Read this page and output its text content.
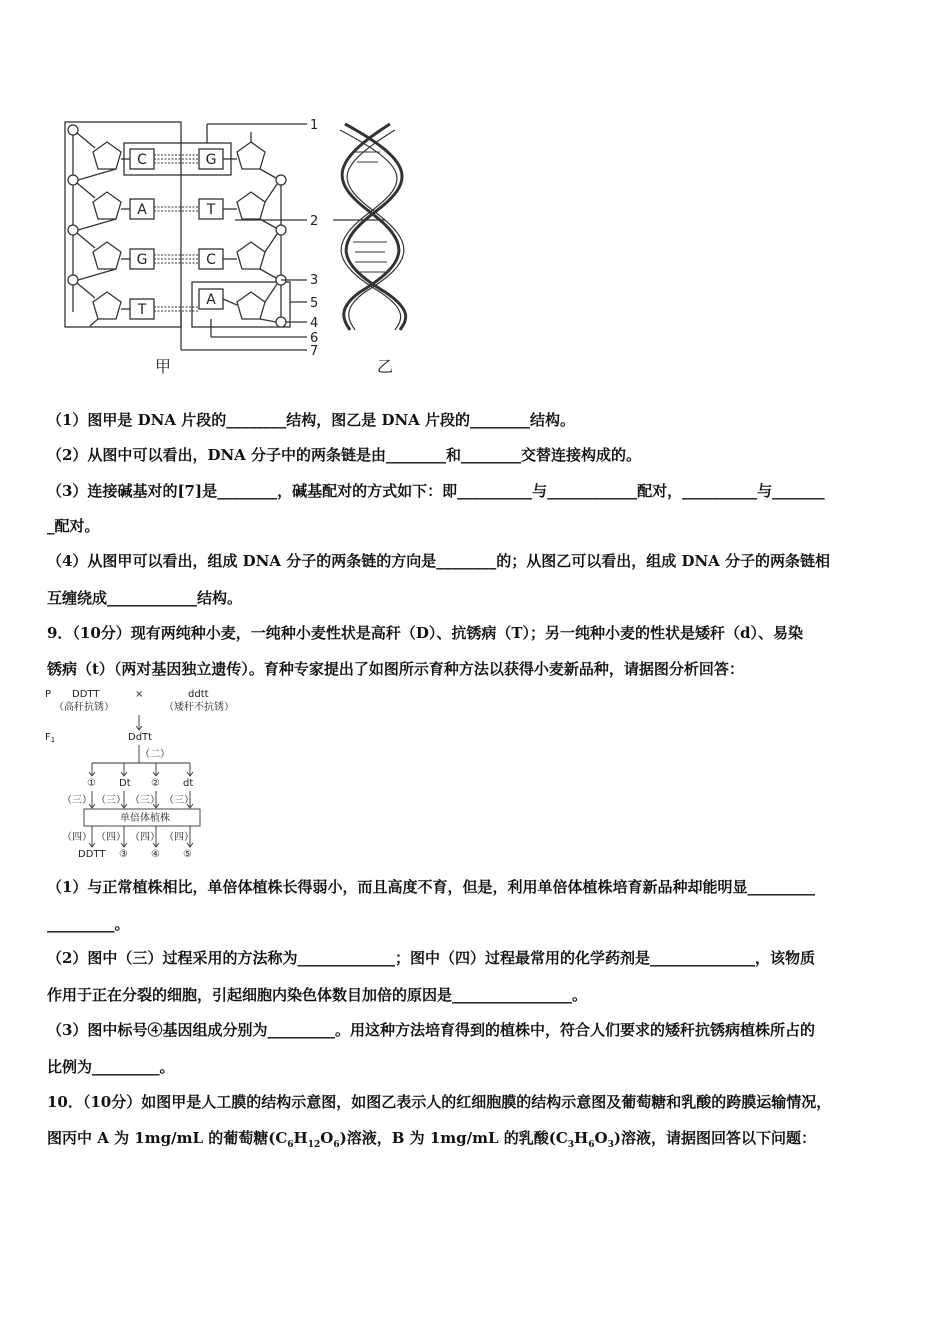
C
A
G
T
G
T
C
A
1
2
3
5
4
6
7
甲	乙
（1）图甲是 DNA 片段的________结构，图乙是 DNA 片段的________结构。
（2）从图中可以看出，DNA 分子中的两条链是由________和________交替连接构成的。
（3）连接碱基对的[7]是________，碱基配对的方式如下：即__________与____________配对，__________与_______
_配对。
（4）从图甲可以看出，组成 DNA 分子的两条链的方向是________的；从图乙可以看出，组成 DNA 分子的两条链相
互缠绕成____________结构。
9．（10分）现有两纯种小麦，一纯种小麦性状是高秆（D）、抗锈病（T）；另一纯种小麦的性状是矮秆（d）、易染
锈病（t）（两对基因独立遗传）。育种专家提出了如图所示育种方法以获得小麦新品种，请据图分析回答：
P DDTT	×	ddtt
（高秆抗锈）	（矮秆不抗锈）
$F_1$	DdTt
（二）
① Dt ② dt
（三） （三） （三） （三）
单倍体植株
（四） （四） （四） （四）
DDTT ③ ④ ⑤
（1）与正常植株相比，单倍体植株长得弱小，而且高度不育，但是，利用单倍体植株培育新品种却能明显_________
_________。
（2）图中（三）过程采用的方法称为_____________；图中（四）过程最常用的化学药剂是______________，该物质
作用于正在分裂的细胞，引起细胞内染色体数目加倍的原因是________________。
（3）图中标号④基因组成分别为_________。用这种方法培育得到的植株中，符合人们要求的矮秆抗锈病植株所占的
比例为_________。
10．（10分）如图甲是人工膜的结构示意图，如图乙表示人的红细胞膜的结构示意图及葡萄糖和乳酸的跨膜运输情况，
图丙中 A 为 1mg/mL 的葡萄糖$(C_6H_{12}O_6)$溶液，B 为 1mg/mL 的乳酸$(C_3H_6O_3)$溶液，请据图回答以下问题：
